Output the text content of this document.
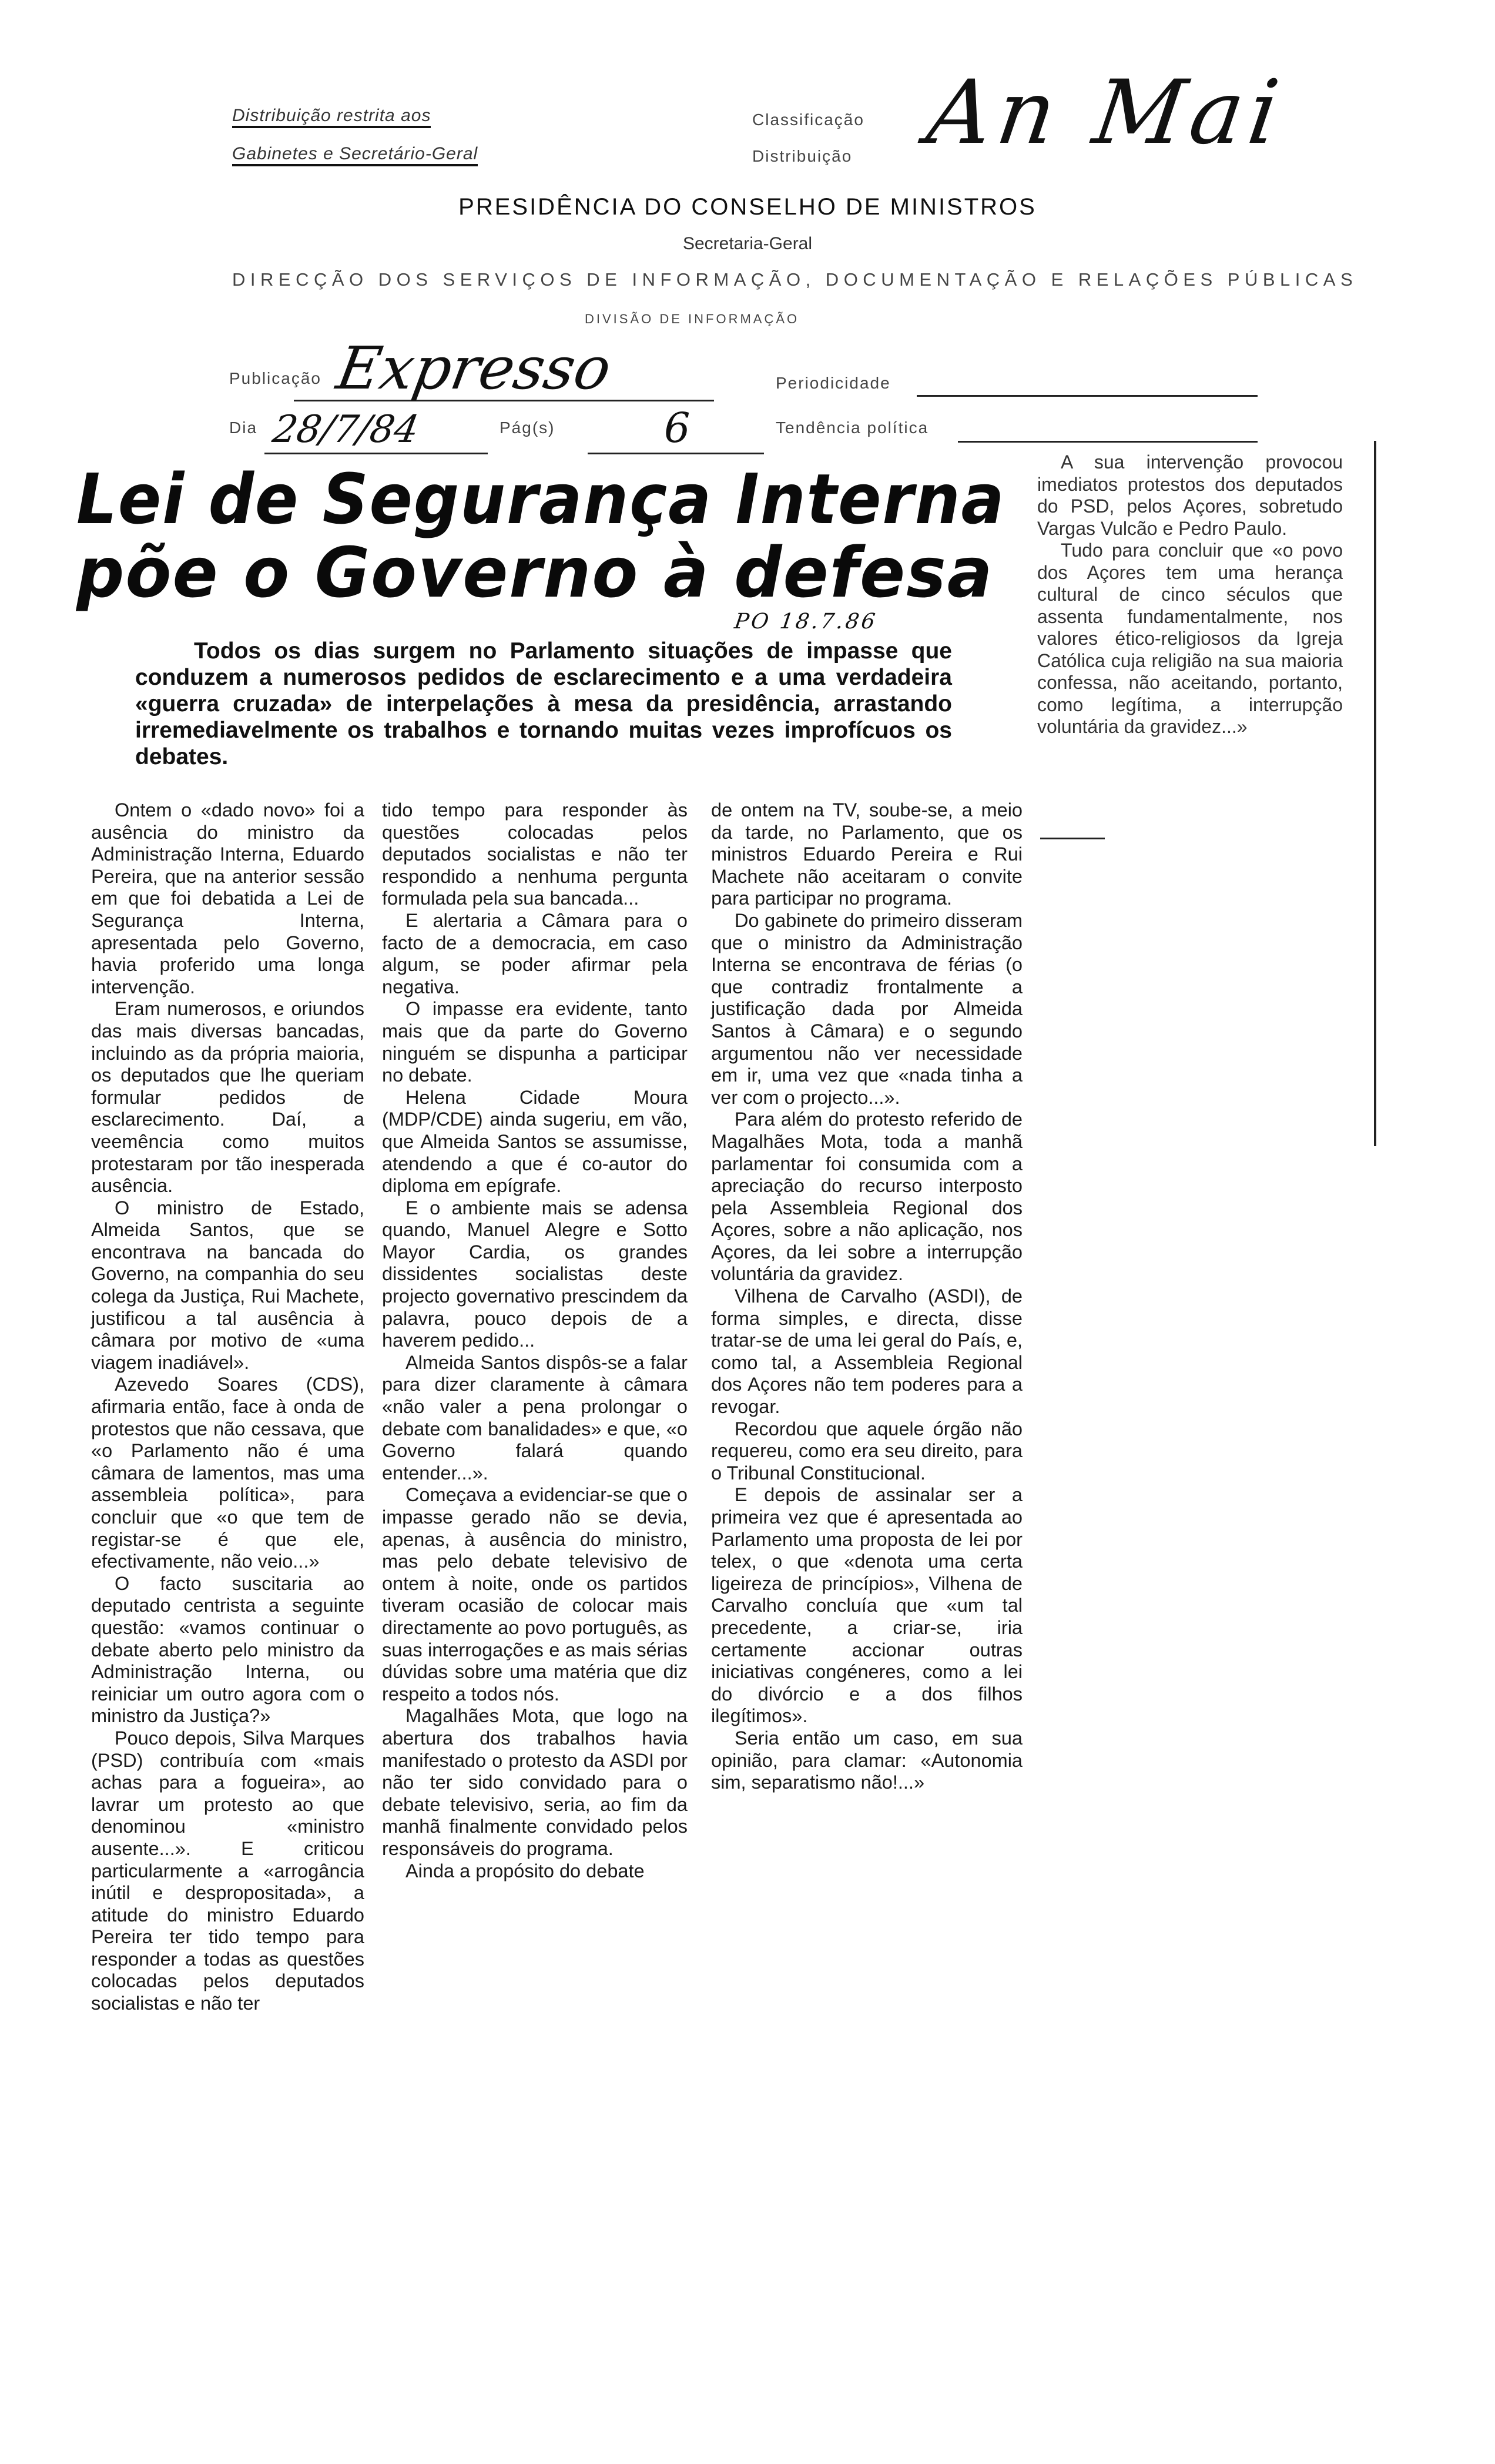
Distribuição restrita aos
Gabinetes e Secretário-Geral
Classificação
Distribuição An Mai
PRESIDÊNCIA DO CONSELHO DE MINISTROS
Secretaria-Geral
DIRECÇÃO DOS SERVIÇOS DE INFORMAÇÃO, DOCUMENTAÇÃO E RELAÇÕES PÚBLICAS
DIVISÃO DE INFORMAÇÃO
Publicação Expresso	Periodicidade
Dia 28/7/84	Pág(s)	6	Tendência política
Lei de Segurança Interna
põe o Governo à defesa
PO 18.7.86
Todos os dias surgem no Parlamento situações de impasse que conduzem a numerosos pedidos de esclarecimento e a uma verdadeira «guerra cruzada» de interpelações à mesa da presidência, arrastando irremediavelmente os trabalhos e tornando muitas vezes improfícuos os debates.

Ontem o «dado novo» foi a ausência do ministro da Administração Interna, Eduardo Pereira, que na anterior sessão em que foi debatida a Lei de Segurança Interna, apresentada pelo Governo, havia proferido uma longa intervenção.

Eram numerosos, e oriundos das mais diversas bancadas, incluindo as da própria maioria, os deputados que lhe queriam formular pedidos de esclarecimento. Daí, a veemência como muitos protestaram por tão inesperada ausência.

O ministro de Estado, Almeida Santos, que se encontrava na bancada do Governo, na companhia do seu colega da Justiça, Rui Machete, justificou a tal ausência à câmara por motivo de «uma viagem inadiável».

Azevedo Soares (CDS), afirmaria então, face à onda de protestos que não cessava, que «o Parlamento não é uma câmara de lamentos, mas uma assembleia política», para concluir que «o que tem de registar-se é que ele, efectivamente, não veio...»

O facto suscitaria ao deputado centrista a seguinte questão: «vamos continuar o debate aberto pelo ministro da Administração Interna, ou reiniciar um outro agora com o ministro da Justiça?»

Pouco depois, Silva Marques (PSD) contribuía com «mais achas para a fogueira», ao lavrar um protesto ao que denominou «ministro ausente...». E criticou particularmente a «arrogância inútil e despropositada», a atitude do ministro Eduardo Pereira ter tido tempo para responder a todas as questões colocadas pelos deputados socialistas e não ter

tido tempo para responder às questões colocadas pelos deputados socialistas e não ter respondido a nenhuma pergunta formulada pela sua bancada...

E alertaria a Câmara para o facto de a democracia, em caso algum, se poder afirmar pela negativa.

O impasse era evidente, tanto mais que da parte do Governo ninguém se dispunha a participar no debate.

Helena Cidade Moura (MDP/CDE) ainda sugeriu, em vão, que Almeida Santos se assumisse, atendendo a que é co-autor do diploma em epígrafe.

E o ambiente mais se adensa quando, Manuel Alegre e Sotto Mayor Cardia, os grandes dissidentes socialistas deste projecto governativo prescindem da palavra, pouco depois de a haverem pedido...

Almeida Santos dispôs-se a falar para dizer claramente à câmara «não valer a pena prolongar o debate com banalidades» e que, «o Governo falará quando entender...».

Começava a evidenciar-se que o impasse gerado não se devia, apenas, à ausência do ministro, mas pelo debate televisivo de ontem à noite, onde os partidos tiveram ocasião de colocar mais directamente ao povo português, as suas interrogações e as mais sérias dúvidas sobre uma matéria que diz respeito a todos nós.

Magalhães Mota, que logo na abertura dos trabalhos havia manifestado o protesto da ASDI por não ter sido convidado para o debate televisivo, seria, ao fim da manhã finalmente convidado pelos responsáveis do programa.

Ainda a propósito do debate

de ontem na TV, soube-se, a meio da tarde, no Parlamento, que os ministros Eduardo Pereira e Rui Machete não aceitaram o convite para participar no programa.

Do gabinete do primeiro disseram que o ministro da Administração Interna se encontrava de férias (o que contradiz frontalmente a justificação dada por Almeida Santos à Câmara) e o segundo argumentou não ver necessidade em ir, uma vez que «nada tinha a ver com o projecto...».

Para além do protesto referido de Magalhães Mota, toda a manhã parlamentar foi consumida com a apreciação do recurso interposto pela Assembleia Regional dos Açores, sobre a não aplicação, nos Açores, da lei sobre a interrupção voluntária da gravidez.

Vilhena de Carvalho (ASDI), de forma simples, e directa, disse tratar-se de uma lei geral do País, e, como tal, a Assembleia Regional dos Açores não tem poderes para a revogar.

Recordou que aquele órgão não requereu, como era seu direito, para o Tribunal Constitucional.

E depois de assinalar ser a primeira vez que é apresentada ao Parlamento uma proposta de lei por telex, o que «denota uma certa ligeireza de princípios», Vilhena de Carvalho concluía que «um tal precedente, a criar-se, iria certamente accionar outras iniciativas congéneres, como a lei do divórcio e a dos filhos ilegítimos».

Seria então um caso, em sua opinião, para clamar: «Autonomia sim, separatismo não!...»

A sua intervenção provocou imediatos protestos dos deputados do PSD, pelos Açores, sobretudo Vargas Vulcão e Pedro Paulo.

Tudo para concluir que «o povo dos Açores tem uma herança cultural de cinco séculos que assenta fundamentalmente, nos valores ético-religiosos da Igreja Católica cuja religião na sua maioria confessa, não aceitando, portanto, como legítima, a interrupção voluntária da gravidez...»
